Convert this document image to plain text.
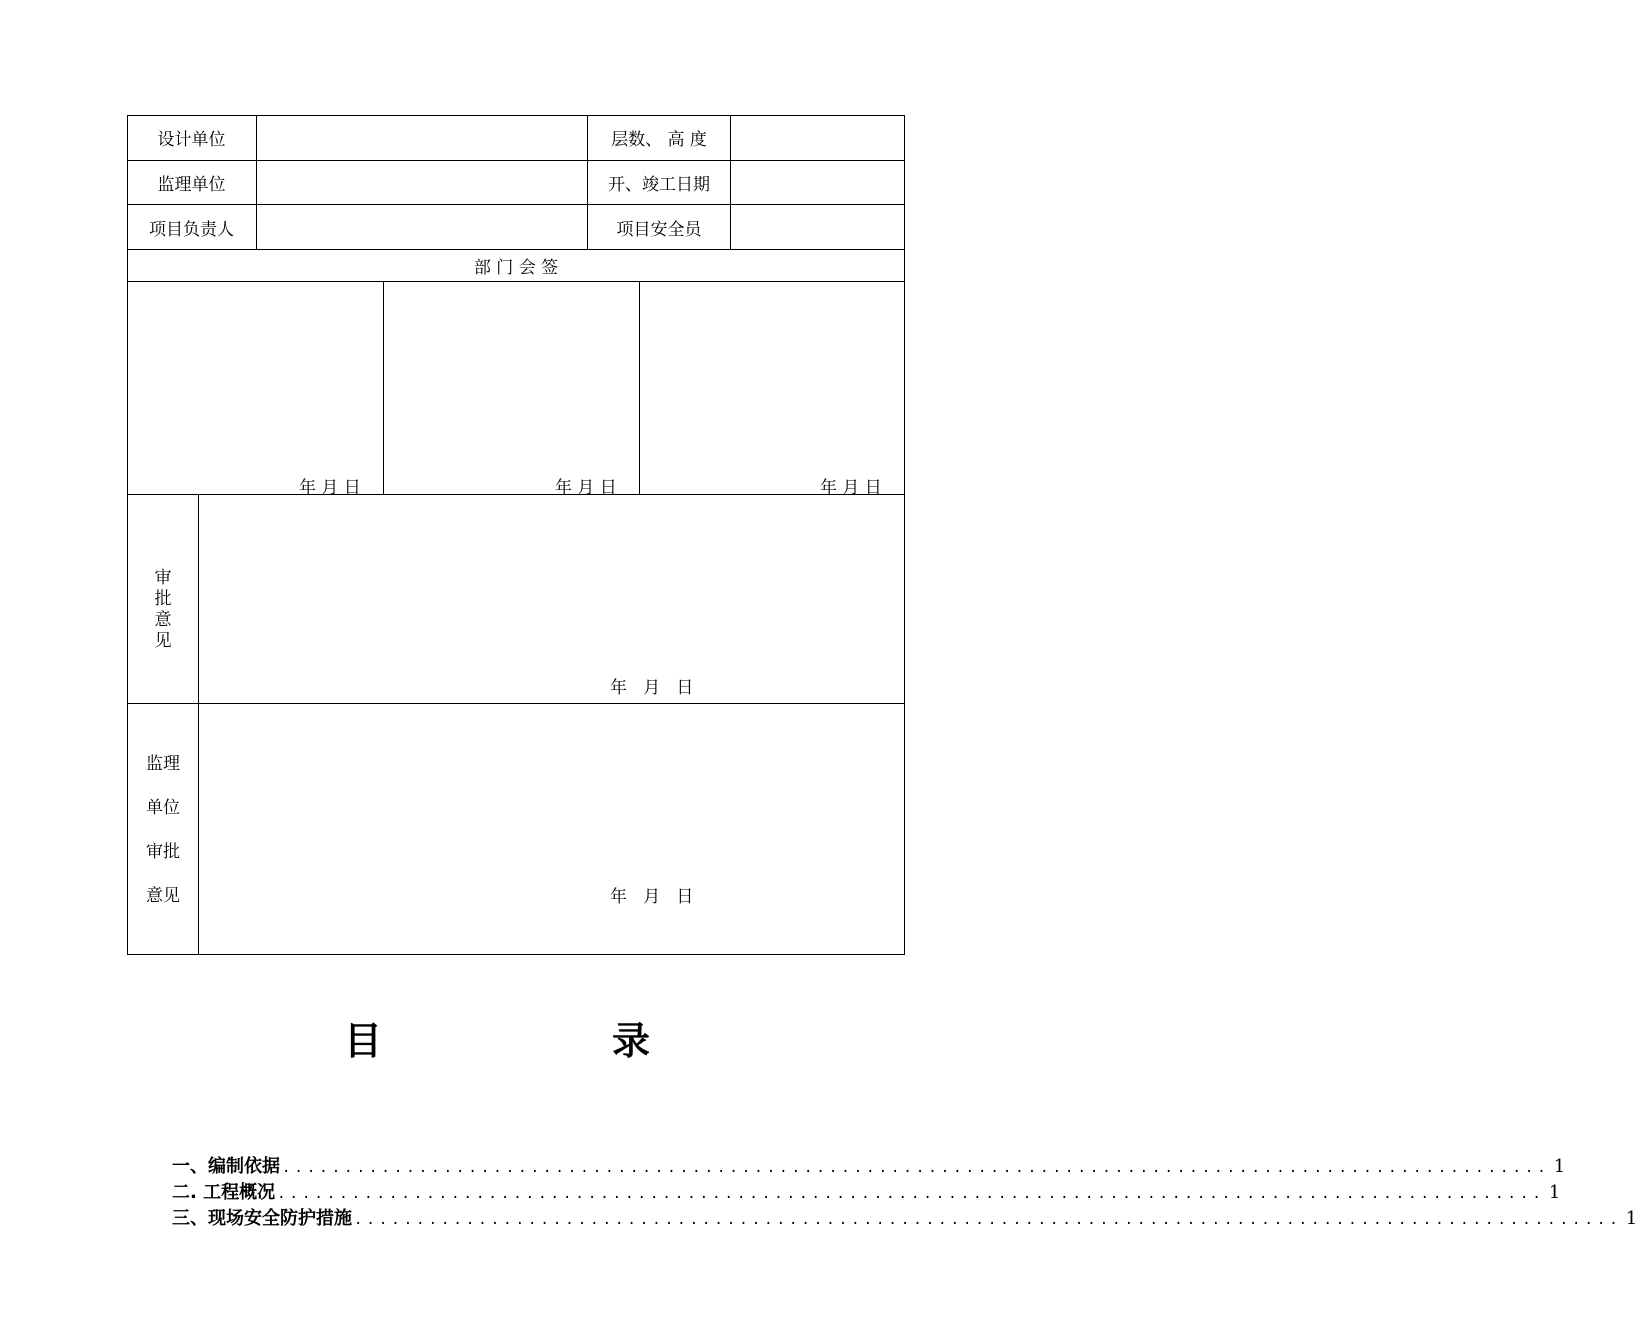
设计单位	层数、 高 度
监理单位	开、竣工日期
项目负责人	项目安全员
部 门 会 签
年 月 日	年 月 日	年 月 日
审
批
意
见
年   月   日
监理
单位
审批
意见	年   月   日
目	录
一、编制依据 ...................................................................................................... 1
二. 工程概况 ...................................................................................................... 1
三、现场安全防护措施 ...................................................................................................... 1
